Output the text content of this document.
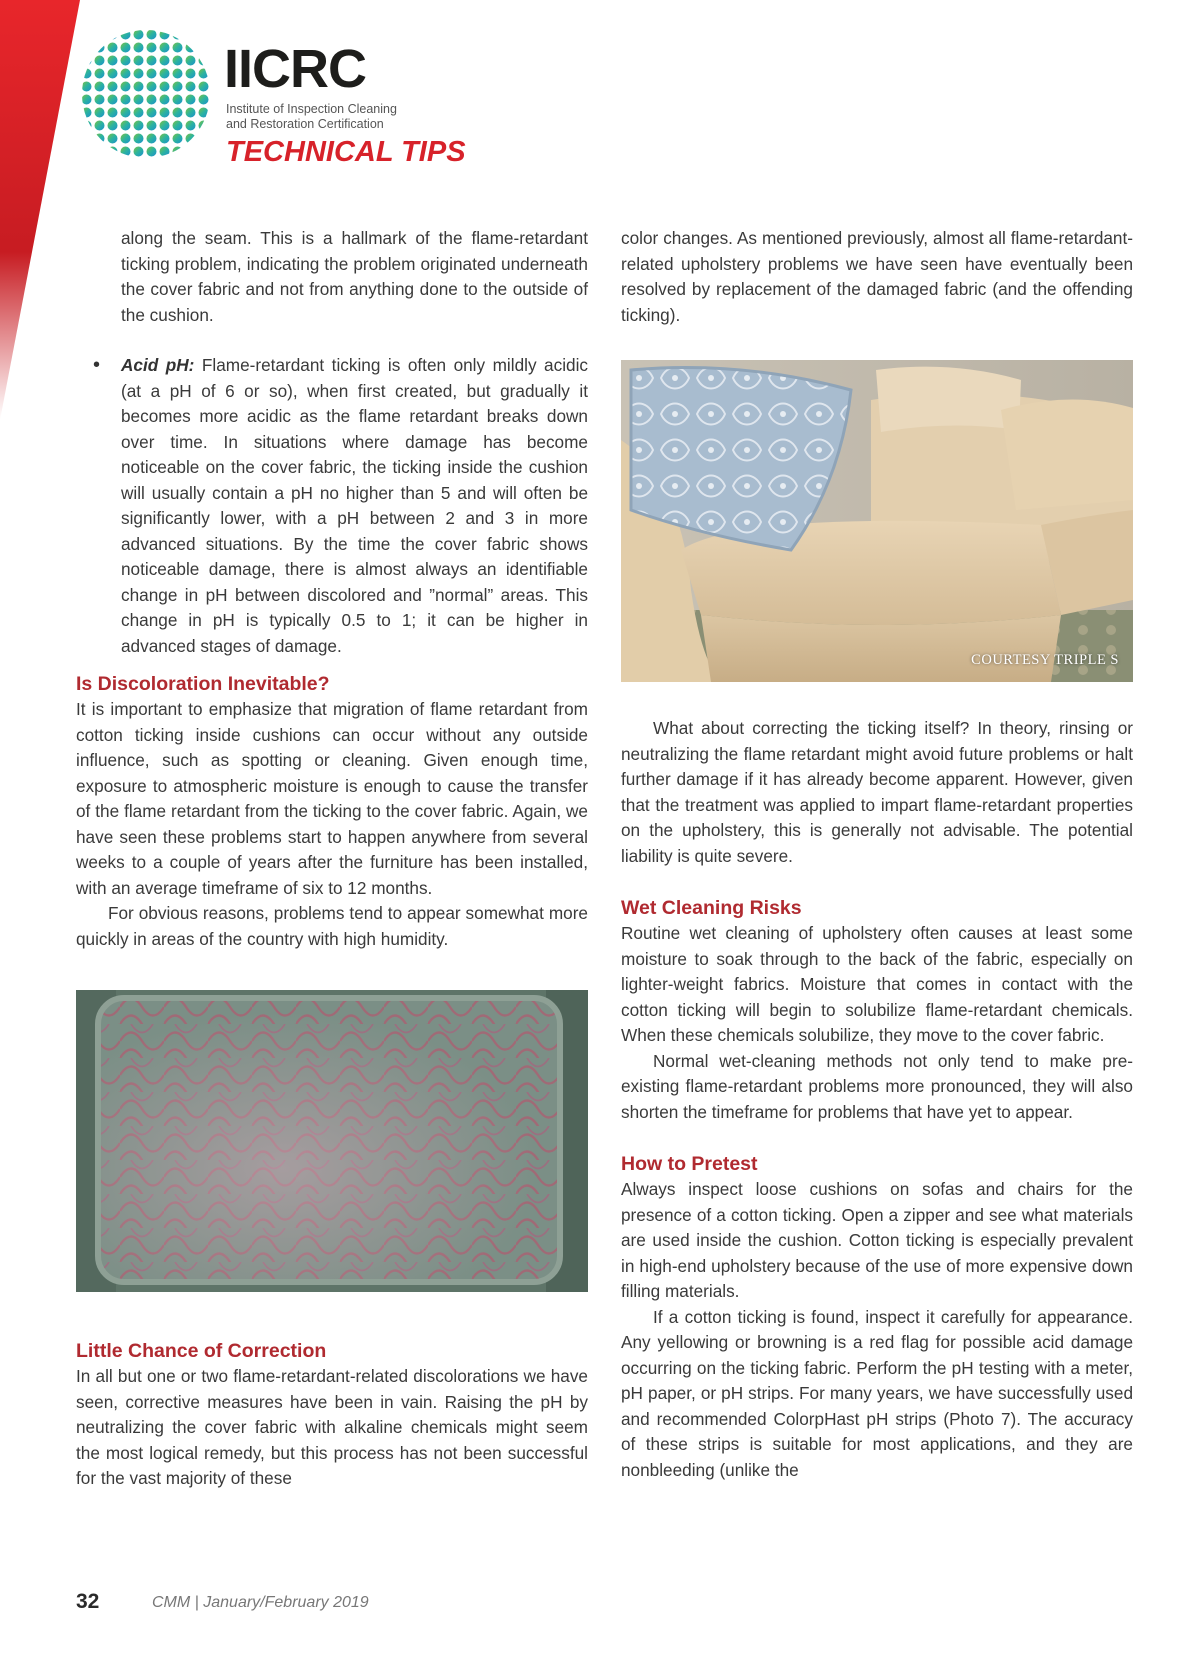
IICRC

Institute of Inspection Cleaning
and Restoration Certification

TECHNICAL TIPS

along the seam. This is a hallmark of the flame-retardant ticking problem, indicating the problem originated underneath the cover fabric and not from anything done to the outside of the cushion.

• Acid pH: Flame-retardant ticking is often only mildly acidic (at a pH of 6 or so), when first created, but gradually it becomes more acidic as the flame retardant breaks down over time. In situations where damage has become noticeable on the cover fabric, the ticking inside the cushion will usually contain a pH no higher than 5 and will often be significantly lower, with a pH between 2 and 3 in more advanced situations. By the time the cover fabric shows noticeable damage, there is almost always an identifiable change in pH between discolored and ”normal” areas. This change in pH is typically 0.5 to 1; it can be higher in advanced stages of damage.

Is Discoloration Inevitable?

It is important to emphasize that migration of flame retardant from cotton ticking inside cushions can occur without any outside influence, such as spotting or cleaning. Given enough time, exposure to atmospheric moisture is enough to cause the transfer of the flame retardant from the ticking to the cover fabric. Again, we have seen these problems start to happen anywhere from several weeks to a couple of years after the furniture has been installed, with an average timeframe of six to 12 months.

For obvious reasons, problems tend to appear somewhat more quickly in areas of the country with high humidity.

Little Chance of Correction

In all but one or two flame-retardant-related discolorations we have seen, corrective measures have been in vain. Raising the pH by neutralizing the cover fabric with alkaline chemicals might seem the most logical remedy, but this process has not been successful for the vast majority of these

color changes. As mentioned previously, almost all flame-retardant-related upholstery problems we have seen have eventually been resolved by replacement of the damaged fabric (and the offending ticking).

COURTESY TRIPLE S

What about correcting the ticking itself? In theory, rinsing or neutralizing the flame retardant might avoid future problems or halt further damage if it has already become apparent. However, given that the treatment was applied to impart flame-retardant properties on the upholstery, this is generally not advisable. The potential liability is quite severe.

Wet Cleaning Risks

Routine wet cleaning of upholstery often causes at least some moisture to soak through to the back of the fabric, especially on lighter-weight fabrics. Moisture that comes in contact with the cotton ticking will begin to solubilize flame-retardant chemicals. When these chemicals solubilize, they move to the cover fabric.

Normal wet-cleaning methods not only tend to make pre-existing flame-retardant problems more pronounced, they will also shorten the timeframe for problems that have yet to appear.

How to Pretest

Always inspect loose cushions on sofas and chairs for the presence of a cotton ticking. Open a zipper and see what materials are used inside the cushion. Cotton ticking is especially prevalent in high-end upholstery because of the use of more expensive down filling materials.

If a cotton ticking is found, inspect it carefully for appearance. Any yellowing or browning is a red flag for possible acid damage occurring on the ticking fabric. Perform the pH testing with a meter, pH paper, or pH strips. For many years, we have successfully used and recommended ColorpHast pH strips (Photo 7). The accuracy of these strips is suitable for most applications, and they are nonbleeding (unlike the

32	CMM | January/February 2019
